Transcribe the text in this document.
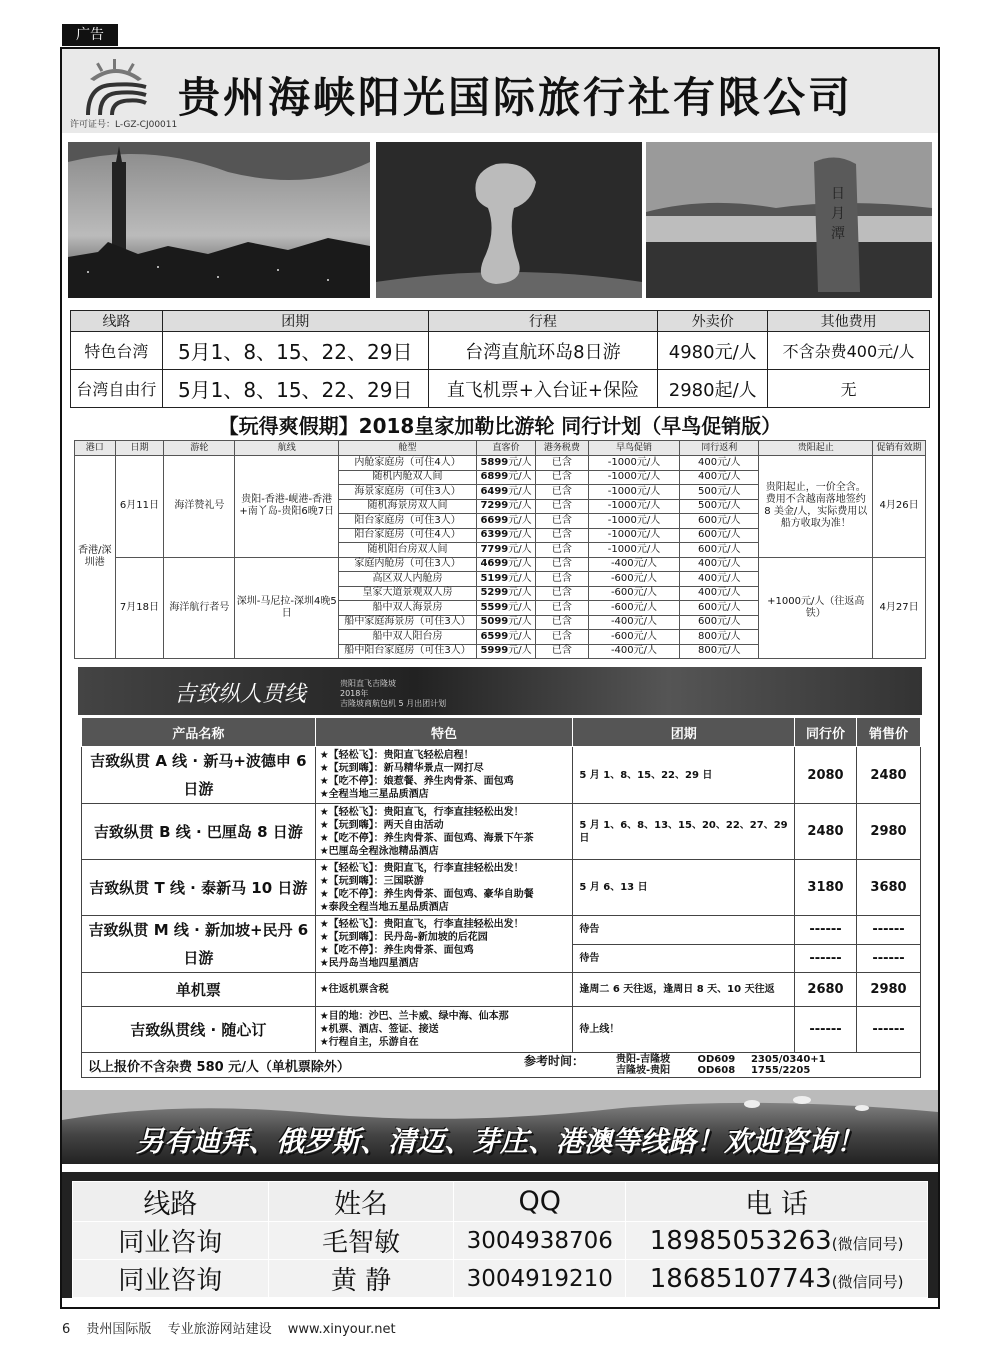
广告
许可证号：L-GZ-CJ00011
贵州海峡阳光国际旅行社有限公司
日
月
潭
线路	团期	行程	外卖价	其他费用
特色台湾	5月1、8、15、22、29日	台湾直航环岛8日游	4980元/人	不含杂费400元/人
台湾自由行	5月1、8、15、22、29日	直飞机票+入台证+保险	2980起/人	无
【玩得爽假期】2018皇家加勒比游轮 同行计划（早鸟促销版）
港口	日期	游轮	航线	舱型	直客价	港务税费	早鸟促销	同行返利	贵阳起止	促销有效期
香港/深圳港	6月11日	海洋赞礼号	贵阳-香港-岘港-香港+南丫岛-贵阳6晚7日	内舱家庭房（可住4人）	5899元/人	已含	-1000元/人	400元/人	贵阳起止，一价全含。费用不含越南落地签约 8 美金/人，实际费用以船方收取为准！	4月26日
				随机内舱双人间	6899元/人	已含	-1000元/人	400元/人		
				海景家庭房（可住3人）	6499元/人	已含	-1000元/人	500元/人		
				随机海景房双人间	7299元/人	已含	-1000元/人	500元/人		
				阳台家庭房（可住3人）	6699元/人	已含	-1000元/人	600元/人		
				阳台家庭房（可住4人）	6399元/人	已含	-1000元/人	600元/人		
				随机阳台房双人间	7799元/人	已含	-1000元/人	600元/人		
	7月18日	海洋航行者号	深圳-马尼拉-深圳4晚5日	家庭内舱房（可住3人）	4699元/人	已含	-400元/人	400元/人	+1000元/人（往返高铁）	4月27日
				高区双人内舱房	5199元/人	已含	-600元/人	400元/人		
				皇家大道景观双人房	5299元/人	已含	-600元/人	400元/人		
				船中双人海景房	5599元/人	已含	-600元/人	600元/人		
				船中家庭海景房（可住3人）	5099元/人	已含	-400元/人	600元/人		
				船中双人阳台房	6599元/人	已含	-600元/人	800元/人		
				船中阳台家庭房（可住3人）	5999元/人	已含	-400元/人	800元/人		
吉致纵人贯线	贵阳直飞吉隆坡
2018年
吉隆坡商航包机 5 月出团计划
产品名称	特色	团期	同行价	销售价
吉致纵贯 A 线 · 新马+波德申 6 日游	★【轻松飞】：贵阳直飞轻松启程！
★【玩到嗨】：新马精华景点一网打尽
★【吃不停】：娘惹餐、养生肉骨茶、面包鸡
★全程当地三星品质酒店	5 月 1、8、15、22、29 日	2080	2480
吉致纵贯 B 线 · 巴厘岛 8 日游	★【轻松飞】：贵阳直飞，行李直挂轻松出发！
★【玩到嗨】：两天自由活动
★【吃不停】：养生肉骨茶、面包鸡、海景下午茶
★巴厘岛全程泳池精品酒店	5 月 1、6、8、13、15、20、22、27、29 日	2480	2980
吉致纵贯 T 线 · 泰新马 10 日游	★【轻松飞】：贵阳直飞，行李直挂轻松出发！
★【玩到嗨】：三国联游
★【吃不停】：养生肉骨茶、面包鸡、豪华自助餐
★泰段全程当地五星品质酒店	5 月 6、13 日	3180	3680
吉致纵贯 M 线 · 新加坡+民丹 6 日游	★【轻松飞】：贵阳直飞，行李直挂轻松出发！
★【玩到嗨】：民丹岛-新加坡的后花园
★【吃不停】：养生肉骨茶、面包鸡
★民丹岛当地四星酒店	待告	------	------
		待告	------	------
单机票	★往返机票含税	逢周二 6 天往返，逢周日 8 天、10 天往返	2680	2980
吉致纵贯线 · 随心订	★目的地：沙巴、兰卡威、绿中海、仙本那
★机票、酒店、签证、接送
★行程自主，乐游自在	待上线！	------	------
以上报价不含杂费 580 元/人（单机票除外）	参考时间：	贵阳-吉隆坡	OD609 2305/0340+1
吉隆坡-贵阳	OD608 1755/2205
另有迪拜、俄罗斯、清迈、芽庄、港澳等线路！欢迎咨询！
线路	姓名	QQ	电 话
同业咨询	毛智敏	3004938706	18985053263(微信同号)
同业咨询	黄 静	3004919210	18685107743(微信同号)
6 贵州国际版 专业旅游网站建设 www.xinyour.net
